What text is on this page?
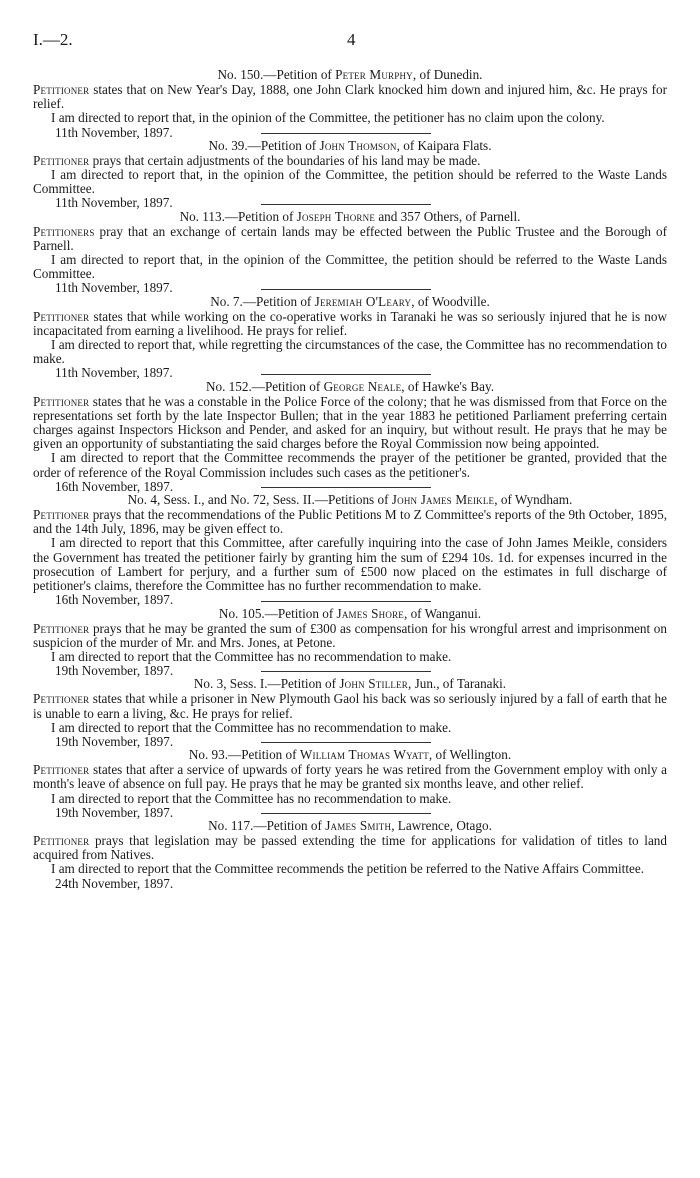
I.—2.	4

No. 150.—Petition of Peter Murphy, of Dunedin.

Petitioner states that on New Year's Day, 1888, one John Clark knocked him down and injured him, &c. He prays for relief.

I am directed to report that, in the opinion of the Committee, the petitioner has no claim upon the colony.

11th November, 1897.

No. 39.—Petition of John Thomson, of Kaipara Flats.

Petitioner prays that certain adjustments of the boundaries of his land may be made.

I am directed to report that, in the opinion of the Committee, the petition should be referred to the Waste Lands Committee.

11th November, 1897.

No. 113.—Petition of Joseph Thorne and 357 Others, of Parnell.

Petitioners pray that an exchange of certain lands may be effected between the Public Trustee and the Borough of Parnell.

I am directed to report that, in the opinion of the Committee, the petition should be referred to the Waste Lands Committee.

11th November, 1897.

No. 7.—Petition of Jeremiah O'Leary, of Woodville.

Petitioner states that while working on the co-operative works in Taranaki he was so seriously injured that he is now incapacitated from earning a livelihood. He prays for relief.

I am directed to report that, while regretting the circumstances of the case, the Committee has no recommendation to make.

11th November, 1897.

No. 152.—Petition of George Neale, of Hawke's Bay.

Petitioner states that he was a constable in the Police Force of the colony; that he was dismissed from that Force on the representations set forth by the late Inspector Bullen; that in the year 1883 he petitioned Parliament preferring certain charges against Inspectors Hickson and Pender, and asked for an inquiry, but without result. He prays that he may be given an opportunity of substantiating the said charges before the Royal Commission now being appointed.

I am directed to report that the Committee recommends the prayer of the petitioner be granted, provided that the order of reference of the Royal Commission includes such cases as the petitioner's.

16th November, 1897.

No. 4, Sess. I., and No. 72, Sess. II.—Petitions of John James Meikle, of Wyndham.

Petitioner prays that the recommendations of the Public Petitions M to Z Committee's reports of the 9th October, 1895, and the 14th July, 1896, may be given effect to.

I am directed to report that this Committee, after carefully inquiring into the case of John James Meikle, considers the Government has treated the petitioner fairly by granting him the sum of £294 10s. 1d. for expenses incurred in the prosecution of Lambert for perjury, and a further sum of £500 now placed on the estimates in full discharge of petitioner's claims, therefore the Committee has no further recommendation to make.

16th November, 1897.

No. 105.—Petition of James Shore, of Wanganui.

Petitioner prays that he may be granted the sum of £300 as compensation for his wrongful arrest and imprisonment on suspicion of the murder of Mr. and Mrs. Jones, at Petone.

I am directed to report that the Committee has no recommendation to make.

19th November, 1897.

No. 3, Sess. I.—Petition of John Stiller, Jun., of Taranaki.

Petitioner states that while a prisoner in New Plymouth Gaol his back was so seriously injured by a fall of earth that he is unable to earn a living, &c. He prays for relief.

I am directed to report that the Committee has no recommendation to make.

19th November, 1897.

No. 93.—Petition of William Thomas Wyatt, of Wellington.

Petitioner states that after a service of upwards of forty years he was retired from the Government employ with only a month's leave of absence on full pay. He prays that he may be granted six months leave, and other relief.

I am directed to report that the Committee has no recommendation to make.

19th November, 1897.

No. 117.—Petition of James Smith, Lawrence, Otago.

Petitioner prays that legislation may be passed extending the time for applications for validation of titles to land acquired from Natives.

I am directed to report that the Committee recommends the petition be referred to the Native Affairs Committee.

24th November, 1897.
